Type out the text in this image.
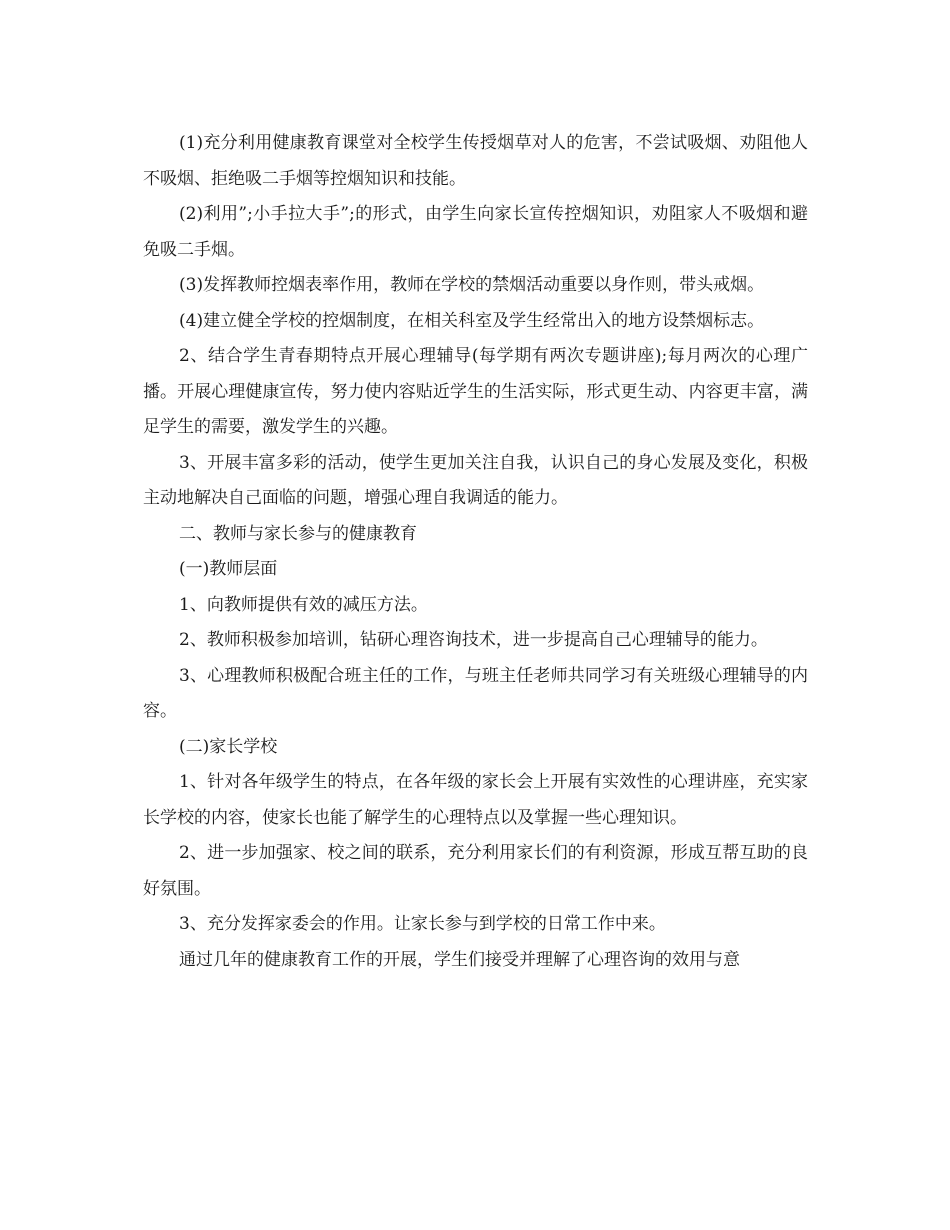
(1)充分利用健康教育课堂对全校学生传授烟草对人的危害，不尝试吸烟、劝阻他人不吸烟、拒绝吸二手烟等控烟知识和技能。

(2)利用”;小手拉大手”;的形式，由学生向家长宣传控烟知识，劝阻家人不吸烟和避免吸二手烟。

(3)发挥教师控烟表率作用，教师在学校的禁烟活动重要以身作则，带头戒烟。

(4)建立健全学校的控烟制度，在相关科室及学生经常出入的地方设禁烟标志。

2、结合学生青春期特点开展心理辅导(每学期有两次专题讲座);每月两次的心理广播。开展心理健康宣传，努力使内容贴近学生的生活实际，形式更生动、内容更丰富，满足学生的需要，激发学生的兴趣。

3、开展丰富多彩的活动，使学生更加关注自我，认识自己的身心发展及变化，积极主动地解决自己面临的问题，增强心理自我调适的能力。

二、教师与家长参与的健康教育

(一)教师层面

1、向教师提供有效的减压方法。

2、教师积极参加培训，钻研心理咨询技术，进一步提高自己心理辅导的能力。

3、心理教师积极配合班主任的工作，与班主任老师共同学习有关班级心理辅导的内容。

(二)家长学校

1、针对各年级学生的特点，在各年级的家长会上开展有实效性的心理讲座，充实家长学校的内容，使家长也能了解学生的心理特点以及掌握一些心理知识。

2、进一步加强家、校之间的联系，充分利用家长们的有利资源，形成互帮互助的良好氛围。

3、充分发挥家委会的作用。让家长参与到学校的日常工作中来。

通过几年的健康教育工作的开展，学生们接受并理解了心理咨询的效用与意
